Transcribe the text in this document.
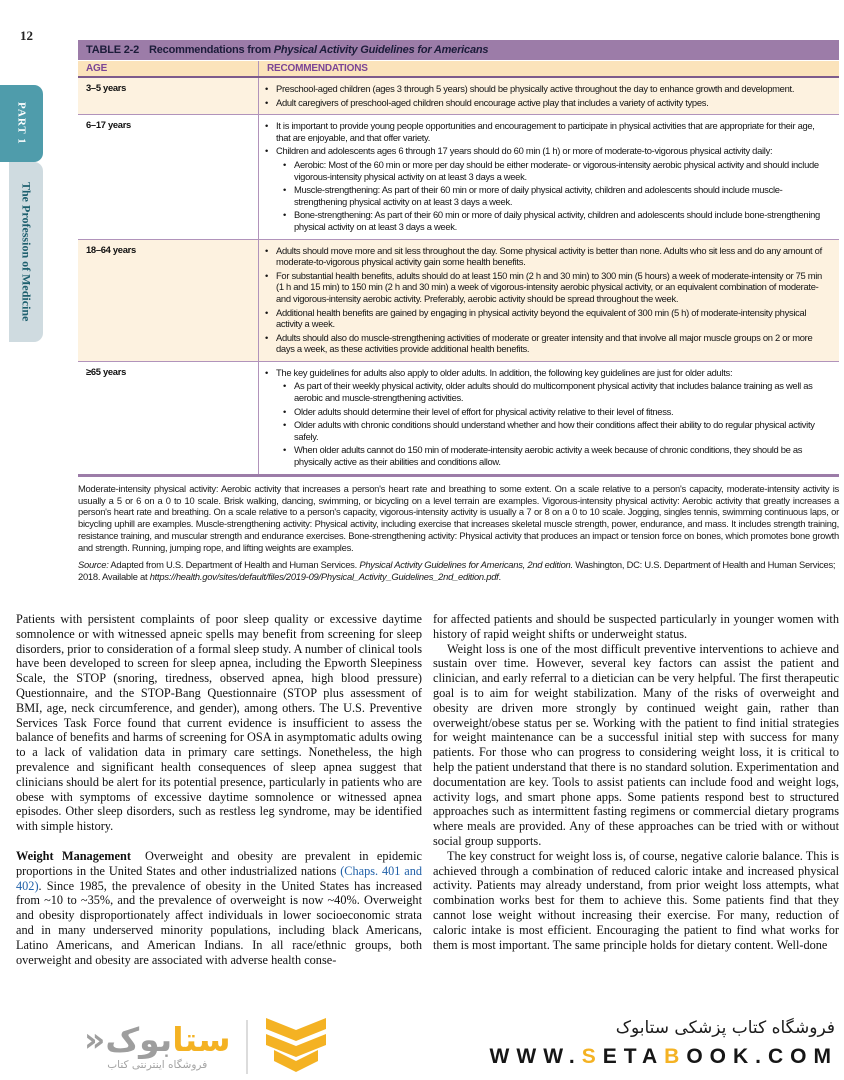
12
PART 1
The Profession of Medicine
TABLE 2-2 Recommendations from Physical Activity Guidelines for Americans
AGE	RECOMMENDATIONS
3–5 years	• Preschool-aged children (ages 3 through 5 years) should be physically active throughout the day to enhance growth and development.
• Adult caregivers of preschool-aged children should encourage active play that includes a variety of activity types.
6–17 years	• It is important to provide young people opportunities and encouragement to participate in physical activities that are appropriate for their age, that are enjoyable, and that offer variety.
• Children and adolescents ages 6 through 17 years should do 60 min (1 h) or more of moderate-to-vigorous physical activity daily:
• Aerobic: Most of the 60 min or more per day should be either moderate- or vigorous-intensity aerobic physical activity and should include vigorous-intensity physical activity on at least 3 days a week.
• Muscle-strengthening: As part of their 60 min or more of daily physical activity, children and adolescents should include muscle-strengthening physical activity on at least 3 days a week.
• Bone-strengthening: As part of their 60 min or more of daily physical activity, children and adolescents should include bone-strengthening physical activity on at least 3 days a week.
18–64 years	• Adults should move more and sit less throughout the day. Some physical activity is better than none. Adults who sit less and do any amount of moderate-to-vigorous physical activity gain some health benefits.
• For substantial health benefits, adults should do at least 150 min (2 h and 30 min) to 300 min (5 hours) a week of moderate-intensity or 75 min (1 h and 15 min) to 150 min (2 h and 30 min) a week of vigorous-intensity aerobic physical activity, or an equivalent combination of moderate- and vigorous-intensity aerobic activity. Preferably, aerobic activity should be spread throughout the week.
• Additional health benefits are gained by engaging in physical activity beyond the equivalent of 300 min (5 h) of moderate-intensity physical activity a week.
• Adults should also do muscle-strengthening activities of moderate or greater intensity and that involve all major muscle groups on 2 or more days a week, as these activities provide additional health benefits.
≥65 years	• The key guidelines for adults also apply to older adults. In addition, the following key guidelines are just for older adults:
• As part of their weekly physical activity, older adults should do multicomponent physical activity that includes balance training as well as aerobic and muscle-strengthening activities.
• Older adults should determine their level of effort for physical activity relative to their level of fitness.
• Older adults with chronic conditions should understand whether and how their conditions affect their ability to do regular physical activity safely.
• When older adults cannot do 150 min of moderate-intensity aerobic activity a week because of chronic conditions, they should be as physically active as their abilities and conditions allow.
Moderate-intensity physical activity: Aerobic activity that increases a person's heart rate and breathing to some extent. On a scale relative to a person's capacity, moderate-intensity activity is usually a 5 or 6 on a 0 to 10 scale. Brisk walking, dancing, swimming, or bicycling on a level terrain are examples. Vigorous-intensity physical activity: Aerobic activity that greatly increases a person's heart rate and breathing. On a scale relative to a person's capacity, vigorous-intensity activity is usually a 7 or 8 on a 0 to 10 scale. Jogging, singles tennis, swimming continuous laps, or bicycling uphill are examples. Muscle-strengthening activity: Physical activity, including exercise that increases skeletal muscle strength, power, endurance, and mass. It includes strength training, resistance training, and muscular strength and endurance exercises. Bone-strengthening activity: Physical activity that produces an impact or tension force on bones, which promotes bone growth and strength. Running, jumping rope, and lifting weights are examples.
Source: Adapted from U.S. Department of Health and Human Services. Physical Activity Guidelines for Americans, 2nd edition. Washington, DC: U.S. Department of Health and Human Services; 2018. Available at https://health.gov/sites/default/files/2019-09/Physical_Activity_Guidelines_2nd_edition.pdf.

Patients with persistent complaints of poor sleep quality or excessive daytime somnolence or with witnessed apneic spells may benefit from screening for sleep disorders, prior to consideration of a formal sleep study. A number of clinical tools have been developed to screen for sleep apnea, including the Epworth Sleepiness Scale, the STOP (snoring, tiredness, observed apnea, high blood pressure) Questionnaire, and the STOP-Bang Questionnaire (STOP plus assessment of BMI, age, neck circumference, and gender), among others. The U.S. Preventive Services Task Force found that current evidence is insufficient to assess the balance of benefits and harms of screening for OSA in asymptomatic adults owing to a lack of validation data in primary care settings. Nonetheless, the high prevalence and significant health consequences of sleep apnea suggest that clinicians should be alert for its potential presence, particularly in patients who are obese with symptoms of excessive daytime somnolence or witnessed apnea episodes. Other sleep disorders, such as restless leg syndrome, may be identified with simple history.

Weight Management Overweight and obesity are prevalent in epidemic proportions in the United States and other industrialized nations (Chaps. 401 and 402). Since 1985, the prevalence of obesity in the United States has increased from ~10 to ~35%, and the prevalence of overweight is now ~40%. Overweight and obesity disproportionately affect individuals in lower socioeconomic strata and in many underserved minority populations, including black Americans, Latino Americans, and American Indians. In all race/ethnic groups, both overweight and obesity are associated with adverse health conse-

for affected patients and should be suspected particularly in younger women with history of rapid weight shifts or underweight status.

Weight loss is one of the most difficult preventive interventions to achieve and sustain over time. However, several key factors can assist the patient and clinician, and early referral to a dietician can be very helpful. The first therapeutic goal is to aim for weight stabilization. Many of the risks of overweight and obesity are driven more strongly by continued weight gain, rather than overweight/obese status per se. Working with the patient to find initial strategies for weight maintenance can be a successful initial step with success for many patients. For those who can progress to considering weight loss, it is critical to help the patient understand that there is no standard solution. Experimentation and documentation are key. Tools to assist patients can include food and weight logs, activity logs, and smart phone apps. Some patients respond best to structured approaches such as intermittent fasting regimens or commercial dietary programs where meals are provided. Any of these approaches can be tried with or without social group supports.

The key construct for weight loss is, of course, negative calorie balance. This is achieved through a combination of reduced caloric intake and increased physical activity. Patients may already understand, from prior weight loss attempts, what combination works best for them to achieve this. Some patients find that they cannot lose weight without increasing their exercise. For many, reduction of caloric intake is most efficient. Encouraging the patient to find what works for them is most important. The same principle holds for dietary content. Well-done

ستابوک«
فروشگاه اینترنتی کتاب
فروشگاه کتاب پزشکی ستابوک
WWW.SETABOOK.COM
